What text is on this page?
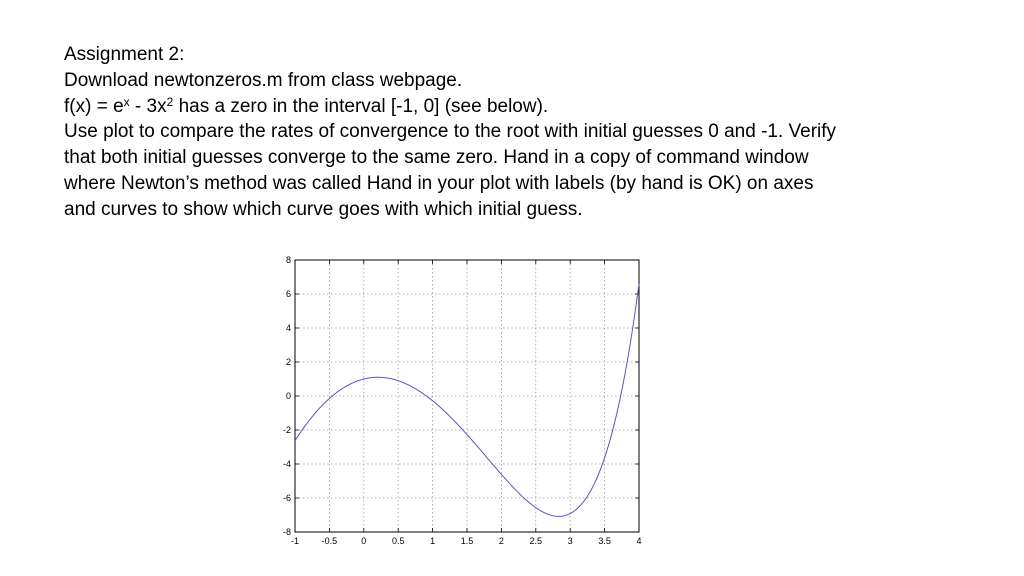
Assignment 2:
Download newtonzeros.m from class webpage.
$f(x) = e^x - 3x^2$ has a zero in the interval [-1, 0] (see below).
Use plot to compare the rates of convergence to the root with initial guesses 0 and -1. Verify
that both initial guesses converge to the same zero. Hand in a copy of command window
where Newton’s method was called Hand in your plot with labels (by hand is OK) on axes
and curves to show which curve goes with which initial guess.
-1	-0.5	0	0.5	1	1.5	2	2.5	3	3.5	4
-8
-6
-4
-2
0
2
4
6
8
